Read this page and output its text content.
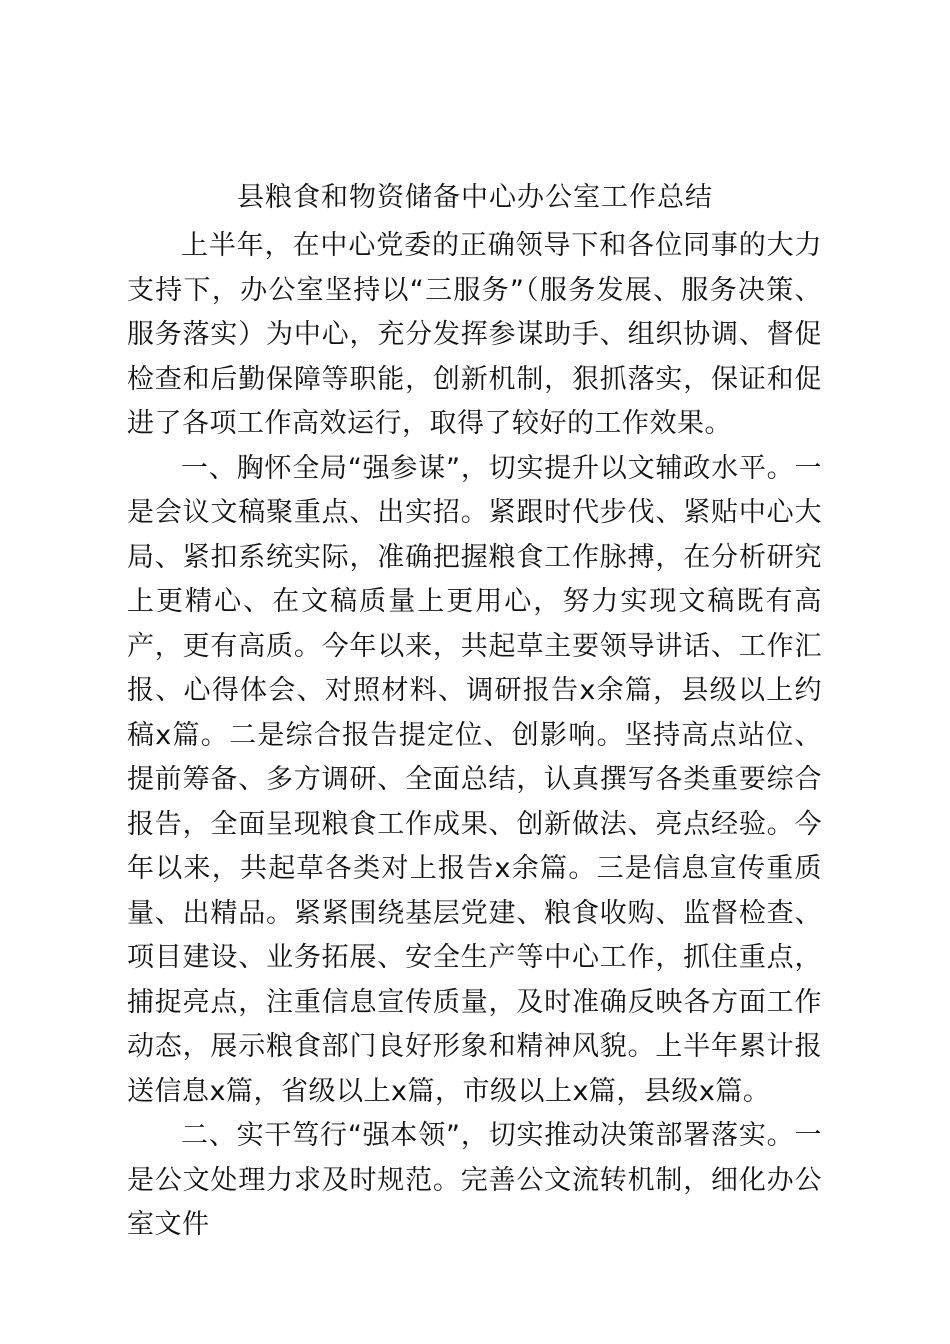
县粮食和物资储备中心办公室工作总结

上半年，在中心党委的正确领导下和各位同事的大力支持下，办公室坚持以“三服务”（服务发展、服务决策、服务落实）为中心，充分发挥参谋助手、组织协调、督促检查和后勤保障等职能，创新机制，狠抓落实，保证和促进了各项工作高效运行，取得了较好的工作效果。

一、胸怀全局“强参谋”，切实提升以文辅政水平。一是会议文稿聚重点、出实招。紧跟时代步伐、紧贴中心大局、紧扣系统实际，准确把握粮食工作脉搏，在分析研究上更精心、在文稿质量上更用心，努力实现文稿既有高产，更有高质。今年以来，共起草主要领导讲话、工作汇报、心得体会、对照材料、调研报告x余篇，县级以上约稿x篇。二是综合报告提定位、创影响。坚持高点站位、提前筹备、多方调研、全面总结，认真撰写各类重要综合报告，全面呈现粮食工作成果、创新做法、亮点经验。今年以来，共起草各类对上报告x余篇。三是信息宣传重质量、出精品。紧紧围绕基层党建、粮食收购、监督检查、项目建设、业务拓展、安全生产等中心工作，抓住重点，捕捉亮点，注重信息宣传质量，及时准确反映各方面工作动态，展示粮食部门良好形象和精神风貌。上半年累计报送信息x篇，省级以上x篇，市级以上x篇，县级x篇。

二、实干笃行“强本领”，切实推动决策部署落实。一是公文处理力求及时规范。完善公文流转机制，细化办公室文件
